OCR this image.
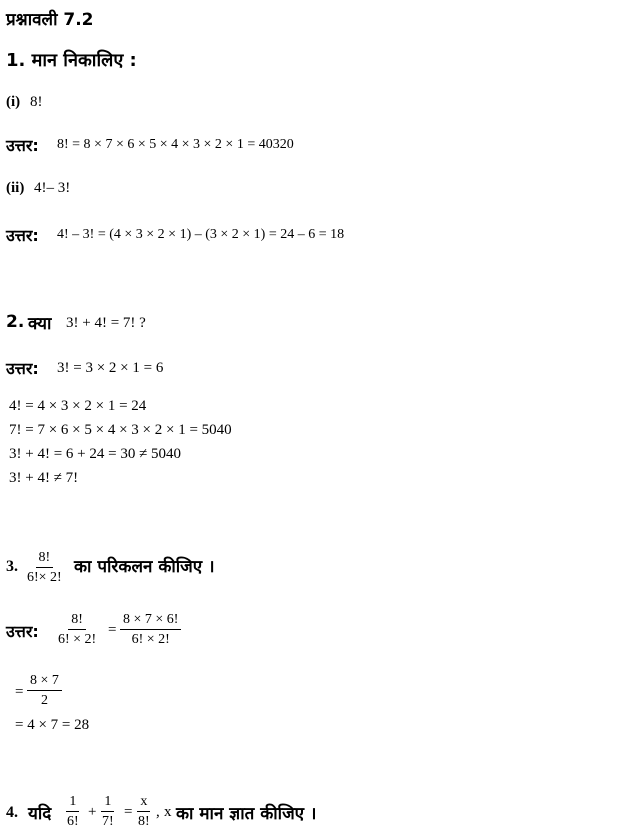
प्रश्नावली 7.2
1. मान निकालिए :
(i) 8!
उत्तर: 8! = 8 × 7 × 6 × 5 × 4 × 3 × 2 × 1 = 40320
(ii) 4!– 3!
उत्तर: 4! – 3! = (4 × 3 × 2 × 1) – (3 × 2 × 1) = 24 – 6 = 18
2. क्या 3! + 4! = 7! ?
उत्तर: 3! = 3 × 2 × 1 = 6
4! = 4 × 3 × 2 × 1 = 24
7! = 7 × 6 × 5 × 4 × 3 × 2 × 1 = 5040
3! + 4! = 6 + 24 = 30 ≠ 5040
3! + 4! ≠ 7!
3. $\frac{8!}{6!\times 2!}$ का परिकलन कीजिए ।
उत्तर: $\frac{8!}{6! \times 2!} = \frac{8 \times 7 \times 6!}{6! \times 2!}$
= $\frac{8 \times 7}{2}$
= 4 × 7 = 28
4. यदि $\frac{1}{6!} + \frac{1}{7!} = \frac{x}{8!}$ , x का मान ज्ञात कीजिए ।
